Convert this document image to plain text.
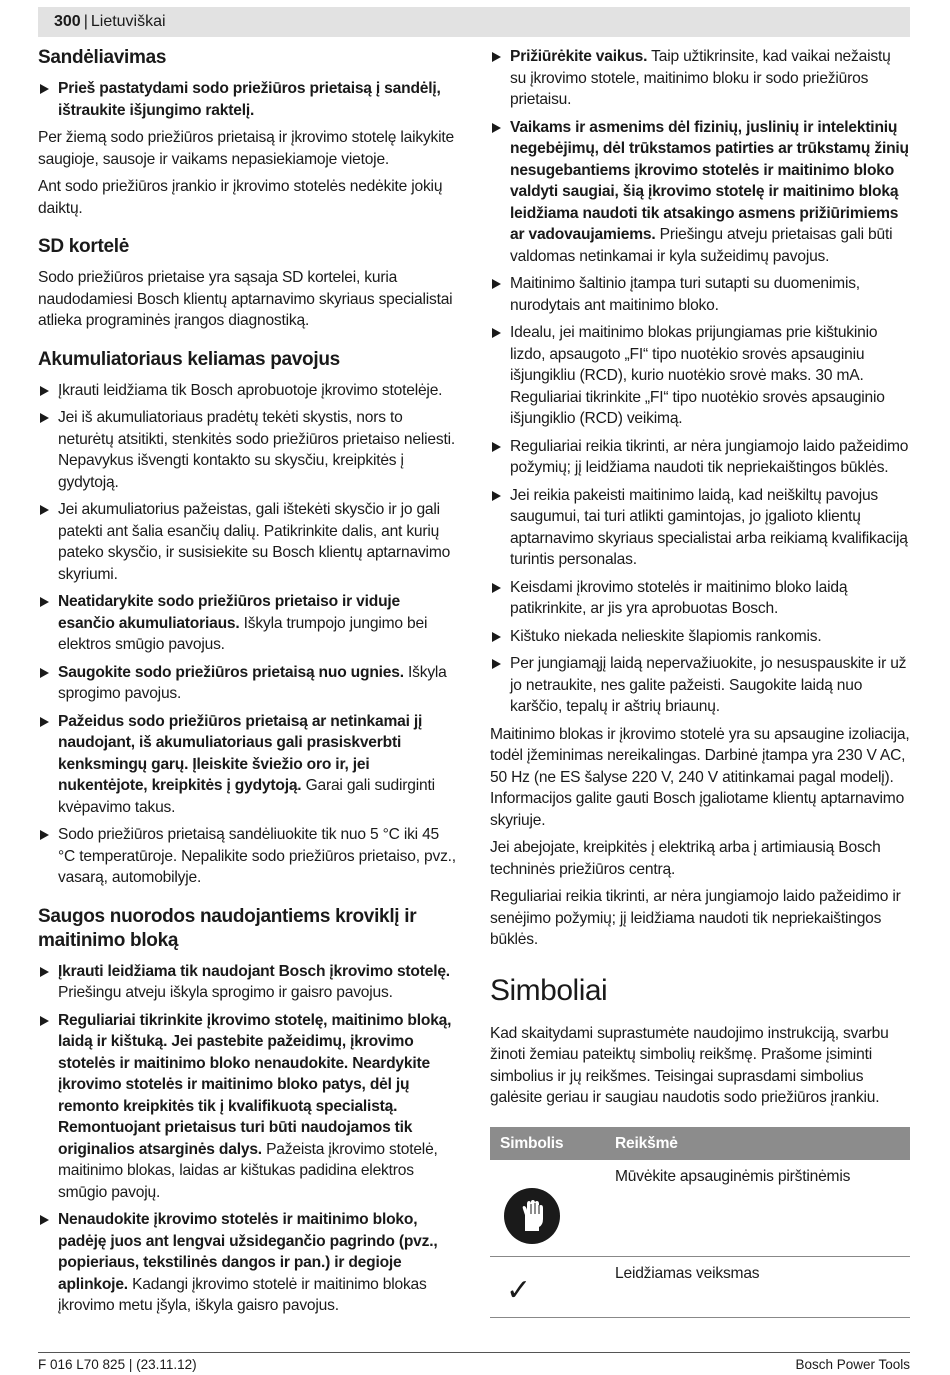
300 | Lietuviškai
Sandėliavimas
Prieš pastatydami sodo priežiūros prietaisą į sandėlį, ištraukite išjungimo raktelį.

Per žiemą sodo priežiūros prietaisą ir įkrovimo stotelę laikykite saugioje, sausoje ir vaikams nepasiekiamoje vietoje.

Ant sodo priežiūros įrankio ir įkrovimo stotelės nedėkite jokių daiktų.

SD kortelė

Sodo priežiūros prietaise yra sąsaja SD kortelei, kuria naudodamiesi Bosch klientų aptarnavimo skyriaus specialistai atlieka programinės įrangos diagnostiką.

Akumuliatoriaus keliamas pavojus
Įkrauti leidžiama tik Bosch aprobuotoje įkrovimo stotelėje.
Jei iš akumuliatoriaus pradėtų tekėti skystis, nors to neturėtų atsitikti, stenkitės sodo priežiūros prietaiso neliesti. Nepavykus išvengti kontakto su skysčiu, kreipkitės į gydytoją.
Jei akumuliatorius pažeistas, gali ištekėti skysčio ir jo gali patekti ant šalia esančių dalių. Patikrinkite dalis, ant kurių pateko skysčio, ir susisiekite su Bosch klientų aptarnavimo skyriumi.
Neatidarykite sodo priežiūros prietaiso ir viduje esančio akumuliatoriaus. Iškyla trumpojo jungimo bei elektros smūgio pavojus.
Saugokite sodo priežiūros prietaisą nuo ugnies. Iškyla sprogimo pavojus.
Pažeidus sodo priežiūros prietaisą ar netinkamai jį naudojant, iš akumuliatoriaus gali prasiskverbti kenksmingų garų. Įleiskite šviežio oro ir, jei nukentėjote, kreipkitės į gydytoją. Garai gali sudirginti kvėpavimo takus.
Sodo priežiūros prietaisą sandėliuokite tik nuo 5 °C iki 45 °C temperatūroje. Nepalikite sodo priežiūros prietaiso, pvz., vasarą, automobilyje.
Saugos nuorodos naudojantiems kroviklį ir maitinimo bloką
Įkrauti leidžiama tik naudojant Bosch įkrovimo stotelę. Priešingu atveju iškyla sprogimo ir gaisro pavojus.
Reguliariai tikrinkite įkrovimo stotelę, maitinimo bloką, laidą ir kištuką. Jei pastebite pažeidimų, įkrovimo stotelės ir maitinimo bloko nenaudokite. Neardykite įkrovimo stotelės ir maitinimo bloko patys, dėl jų remonto kreipkitės tik į kvalifikuotą specialistą. Remontuojant prietaisus turi būti naudojamos tik originalios atsarginės dalys. Pažeista įkrovimo stotelė, maitinimo blokas, laidas ar kištukas padidina elektros smūgio pavojų.
Nenaudokite įkrovimo stotelės ir maitinimo bloko, padėję juos ant lengvai užsidegančio pagrindo (pvz., popieriaus, tekstilinės dangos ir pan.) ir degioje aplinkoje. Kadangi įkrovimo stotelė ir maitinimo blokas įkrovimo metu įšyla, iškyla gaisro pavojus.
Prižiūrėkite vaikus. Taip užtikrinsite, kad vaikai nežaistų su įkrovimo stotele, maitinimo bloku ir sodo priežiūros prietaisu.
Vaikams ir asmenims dėl fizinių, juslinių ir intelektinių negebėjimų, dėl trūkstamos patirties ar trūkstamų žinių nesugebantiems įkrovimo stotelės ir maitinimo bloko valdyti saugiai, šią įkrovimo stotelę ir maitinimo bloką leidžiama naudoti tik atsakingo asmens prižiūrimiems ar vadovaujamiems. Priešingu atveju prietaisas gali būti valdomas netinkamai ir kyla sužeidimų pavojus.
Maitinimo šaltinio įtampa turi sutapti su duomenimis, nurodytais ant maitinimo bloko.
Idealu, jei maitinimo blokas prijungiamas prie kištukinio lizdo, apsaugoto „FI“ tipo nuotėkio srovės apsauginiu išjungikliu (RCD), kurio nuotėkio srovė maks. 30 mA. Reguliariai tikrinkite „FI“ tipo nuotėkio srovės apsauginio išjungiklio (RCD) veikimą.
Reguliariai reikia tikrinti, ar nėra jungiamojo laido pažeidimo požymių; jį leidžiama naudoti tik nepriekaištingos būklės.
Jei reikia pakeisti maitinimo laidą, kad neiškiltų pavojus saugumui, tai turi atlikti gamintojas, jo įgalioto klientų aptarnavimo skyriaus specialistai arba reikiamą kvalifikaciją turintis personalas.
Keisdami įkrovimo stotelės ir maitinimo bloko laidą patikrinkite, ar jis yra aprobuotas Bosch.
Kištuko niekada nelieskite šlapiomis rankomis.
Per jungiamąjį laidą nepervažiuokite, jo nesuspauskite ir už jo netraukite, nes galite pažeisti. Saugokite laidą nuo karščio, tepalų ir aštrių briaunų.

Maitinimo blokas ir įkrovimo stotelė yra su apsaugine izoliacija, todėl įžeminimas nereikalingas. Darbinė įtampa yra 230 V AC, 50 Hz (ne ES šalyse 220 V, 240 V atitinkamai pagal modelį). Informacijos galite gauti Bosch įgaliotame klientų aptarnavimo skyriuje.

Jei abejojate, kreipkitės į elektriką arba į artimiausią Bosch techninės priežiūros centrą.

Reguliariai reikia tikrinti, ar nėra jungiamojo laido pažeidimo ir senėjimo požymių; jį leidžiama naudoti tik nepriekaištingos būklės.

Simboliai

Kad skaitydami suprastumėte naudojimo instrukciją, svarbu žinoti žemiau pateiktų simbolių reikšmę. Prašome įsiminti simbolius ir jų reikšmes. Teisingai suprasdami simbolius galėsite geriau ir saugiau naudotis sodo priežiūros įrankiu.

Simbolis	Reikšmė

	Mūvėkite apsauginėmis pirštinėmis

✓	Leidžiamas veiksmas
F 016 L70 825 | (23.11.12)	Bosch Power Tools
